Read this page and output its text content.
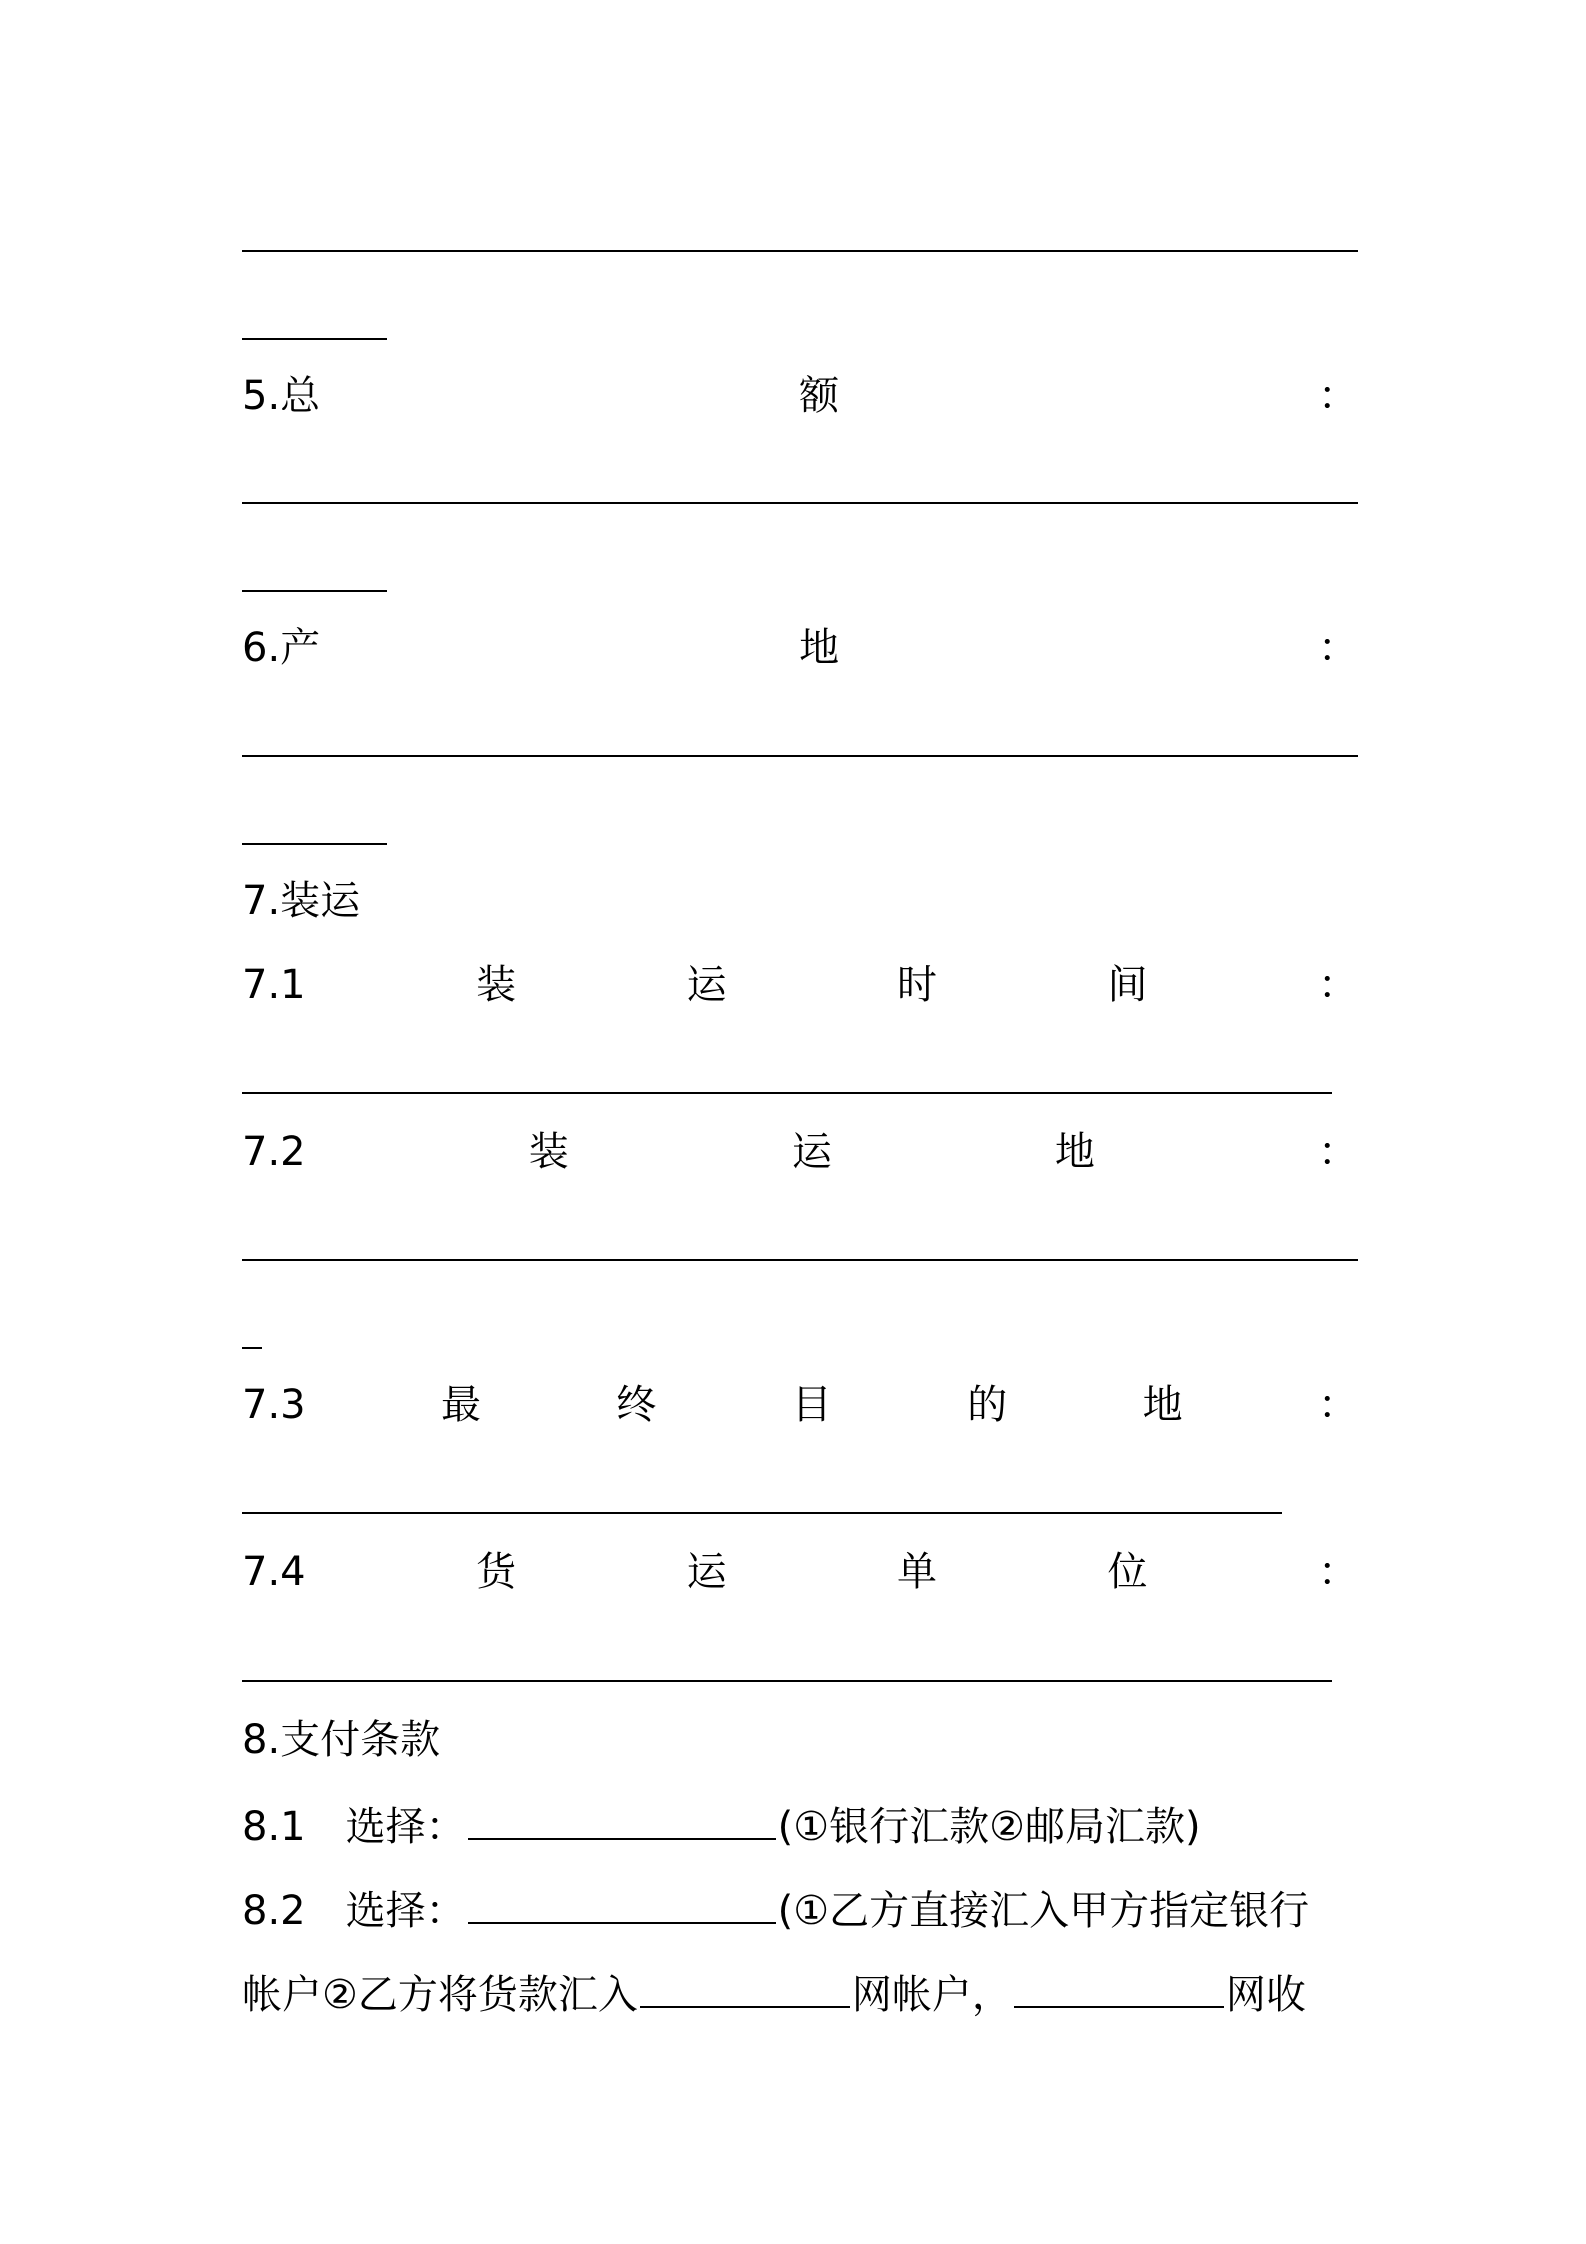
5.总	额	：
6.产	地	：
7.装运
7.1	装	运	时	间	：
7.2	装	运	地	：
7.3	最	终	目	的	地	：
7.4	货	运	单	位	：
8.支付条款
8.1　选择：	(①银行汇款②邮局汇款)
8.2　选择：	(①乙方直接汇入甲方指定银行
帐户②乙方将货款汇入	网帐户，	网收
